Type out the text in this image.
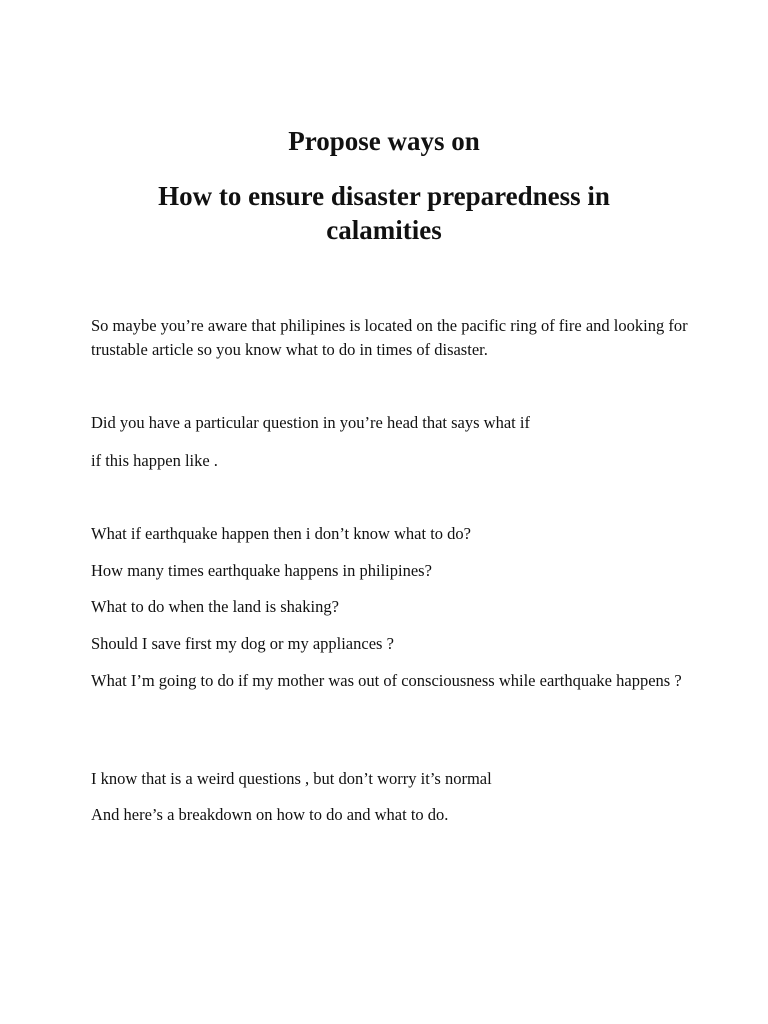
Propose ways on
How to ensure disaster preparedness in
calamities

So maybe you’re aware that philipines is located on the pacific ring of fire and looking for trustable article so you know what to do in times of disaster.

Did you have a particular question in you’re head that says what if

if this happen like .

What if earthquake happen then i don’t know what to do?

How many times earthquake happens in philipines?

What to do when the land is shaking?

Should I save first my dog or my appliances ?

What I’m going to do if my mother was out of consciousness while earthquake happens ?

I know that is a weird questions , but don’t worry it’s normal

And here’s a breakdown on how to do and what to do.
